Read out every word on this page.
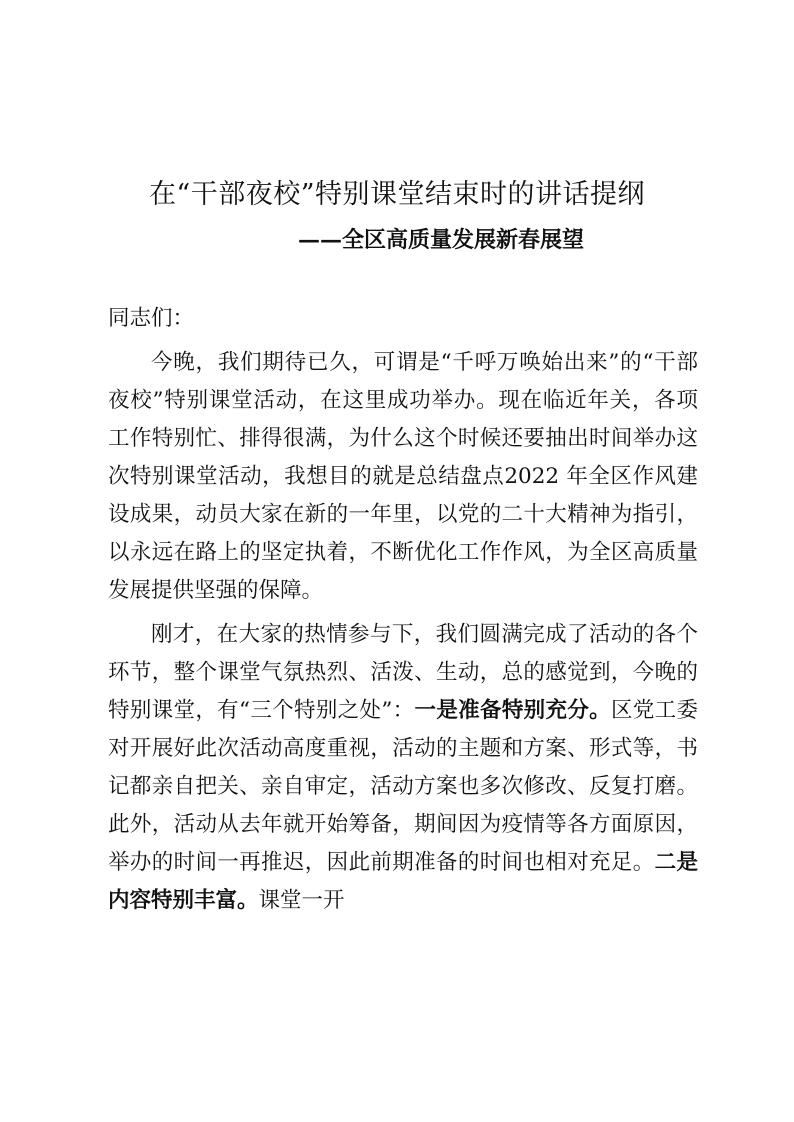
在“干部夜校”特别课堂结束时的讲话提纲
——全区高质量发展新春展望

同志们：

今晚，我们期待已久，可谓是“千呼万唤始出来”的“干部夜校”特别课堂活动，在这里成功举办。现在临近年关，各项工作特别忙、排得很满，为什么这个时候还要抽出时间举办这次特别课堂活动，我想目的就是总结盘点2022 年全区作风建设成果，动员大家在新的一年里，以党的二十大精神为指引，以永远在路上的坚定执着，不断优化工作作风，为全区高质量发展提供坚强的保障。

刚才，在大家的热情参与下，我们圆满完成了活动的各个环节，整个课堂气氛热烈、活泼、生动，总的感觉到，今晚的特别课堂，有“三个特别之处”：一是准备特别充分。区党工委对开展好此次活动高度重视，活动的主题和方案、形式等，书记都亲自把关、亲自审定，活动方案也多次修改、反复打磨。此外，活动从去年就开始筹备，期间因为疫情等各方面原因，举办的时间一再推迟，因此前期准备的时间也相对充足。二是内容特别丰富。课堂一开
